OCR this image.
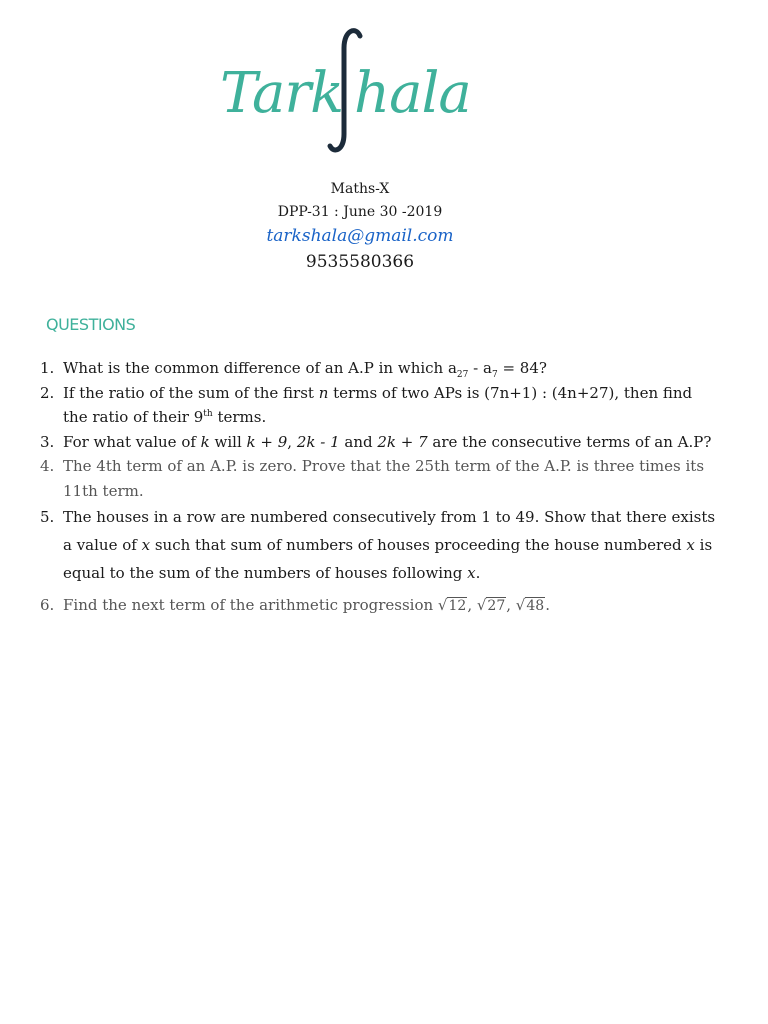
Tark hala
Maths-X
DPP-31 : June 30 -2019
tarkshala@gmail.com
9535580366
QUESTIONS

1. What is the common difference of an A.P in which $a_{27} - a_7 = 84$?

2. If the ratio of the sum of the first n terms of two APs is (7n+1) : (4n+27), then find the ratio of their 9th terms.

3. For what value of k will k + 9, 2k - 1 and 2k + 7 are the consecutive terms of an A.P?

4. The 4th term of an A.P. is zero. Prove that the 25th term of the A.P. is three times its 11th term.

5. The houses in a row are numbered consecutively from 1 to 49. Show that there exists a value of x such that sum of numbers of houses proceeding the house numbered x is equal to the sum of the numbers of houses following x.

6. Find the next term of the arithmetic progression √12, √27, √48.
